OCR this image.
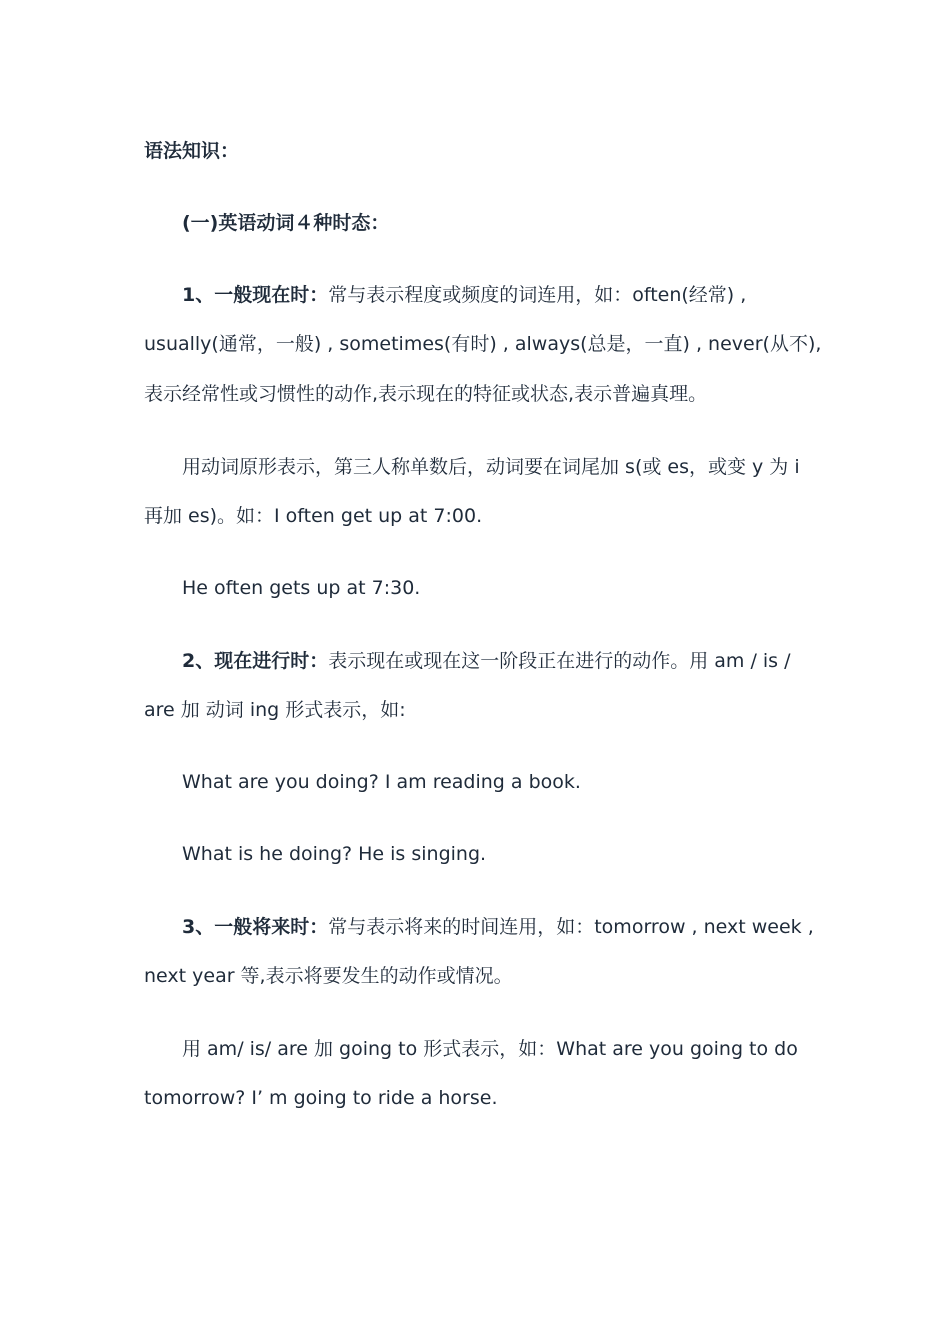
语法知识：
(一)英语动词４种时态：
1、一般现在时：常与表示程度或频度的词连用，如：often(经常) ,
usually(通常，一般) , sometimes(有时) , always(总是，一直) , never(从不),
表示经常性或习惯性的动作,表示现在的特征或状态,表示普遍真理。
用动词原形表示，第三人称单数后，动词要在词尾加 s(或 es，或变 y 为 i
再加 es)。如：I often get up at 7:00.
He often gets up at 7:30.
2、现在进行时：表示现在或现在这一阶段正在进行的动作。用 am / is /
are 加 动词 ing 形式表示，如:
What are you doing? I am reading a book.
What is he doing? He is singing.
3、一般将来时：常与表示将来的时间连用，如：tomorrow , next week ,
next year 等,表示将要发生的动作或情况。
用 am/ is/ are 加 going to 形式表示，如：What are you going to do
tomorrow? I’ m going to ride a horse.
